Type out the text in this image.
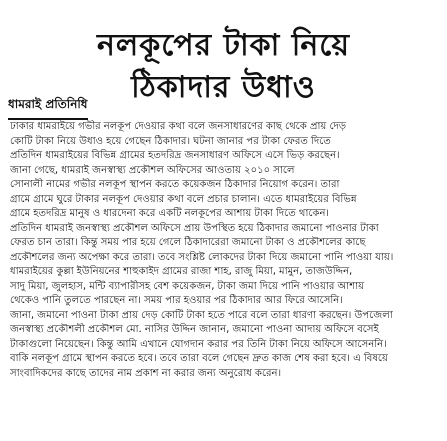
নলকূপের টাকা নিয়ে
ঠিকাদার উধাও
ধামরাই প্রতিনিধি

ঢাকার ধামরাইয়ে গভীর নলকূপ দেওয়ার কথা বলে জনসাধারণের কাছ থেকে প্রায় দেড়
কোটি টাকা নিয়ে উধাও হয়ে গেছেন ঠিকাদার। ঘটনা জানার পর টাকা ফেরত দিতে
প্রতিদিন ধামরাইয়ের বিভিন্ন গ্রামের হতদরিদ্র জনসাধারণ অফিসে এসে ভিড় করছেন।
জানা গেছে, ধামরাই জনস্বাস্থ্য প্রকৌশল অফিসের আওতায় ২০১০ সালে
সোনালী নামের গভীর নলকূপ স্থাপন করতে কয়েকজন ঠিকাদার নিয়োগ করেন। তারা
গ্রামে গ্রামে ঘুরে টাকার নলকূপ দেওয়ার কথা বলে প্রচার চালান। এতে ধামরাইয়ের বিভিন্ন
গ্রামে হতদরিদ্র মানুষ ও ধারদেনা করে একটি নলকূপের আশায় টাকা দিতে থাকেন।
প্রতিদিন ধামরাই জনস্বাস্থ্য প্রকৌশল অফিসে প্রায় উপস্থিত হয়ে ঠিকাদার জমানো পাওনার টাকা
ফেরত চান তারা। কিন্তু সময় পার হয়ে গেলে ঠিকাদারেরা জমানো টাকা ও প্রকৌশলের কাছে
প্রকৌশলের জন্য অপেক্ষা করে তারা। তবে সংশ্লিষ্ট লোকদের টাকা দিয়ে জমানো পানি পাওয়া যায়।
ধামরাইয়ের কুল্লা ইউনিয়নের শাহুকাইদ গ্রামের রাজা শাহ, রাজু মিয়া, মামুন, তাজউদ্দিন,
সাদু মিয়া, জুলহাস, মন্টি ব্যাপারীসহ বেশ কয়েকজন, টাকা জমা দিয়ে পানি পাওয়ার আশায়
থেকেও পানি তুলতে পারছেন না। সময় পার হওয়ার পর ঠিকাদার আর ফিরে আসেনি।
জানা, জমানো পাওনা টাকা প্রায় দেড় কোটি টাকা হতে পারে বলে তারা ধারণা করছেন। উপজেলা
জনস্বাস্থ্য প্রকৌশলী প্রকৌশল মো. নাসির উদ্দিন জানান, জমানো পাওনা আদায় অফিসে বসেই
টাকাগুলো নিয়েছেন। কিন্তু আমি এখানে যোগদান করার পর তিনি টাকা নিয়ে অফিসে আসেননি।
বাকি নলকূপ গ্রামে স্থাপন করতে হবে। তবে তারা বলে গেছেন দ্রুত কাজ শেষ করা হবে। এ বিষয়ে
সাংবাদিকদের কাছে তাদের নাম প্রকাশ না করার জন্য অনুরোধ করেন।
